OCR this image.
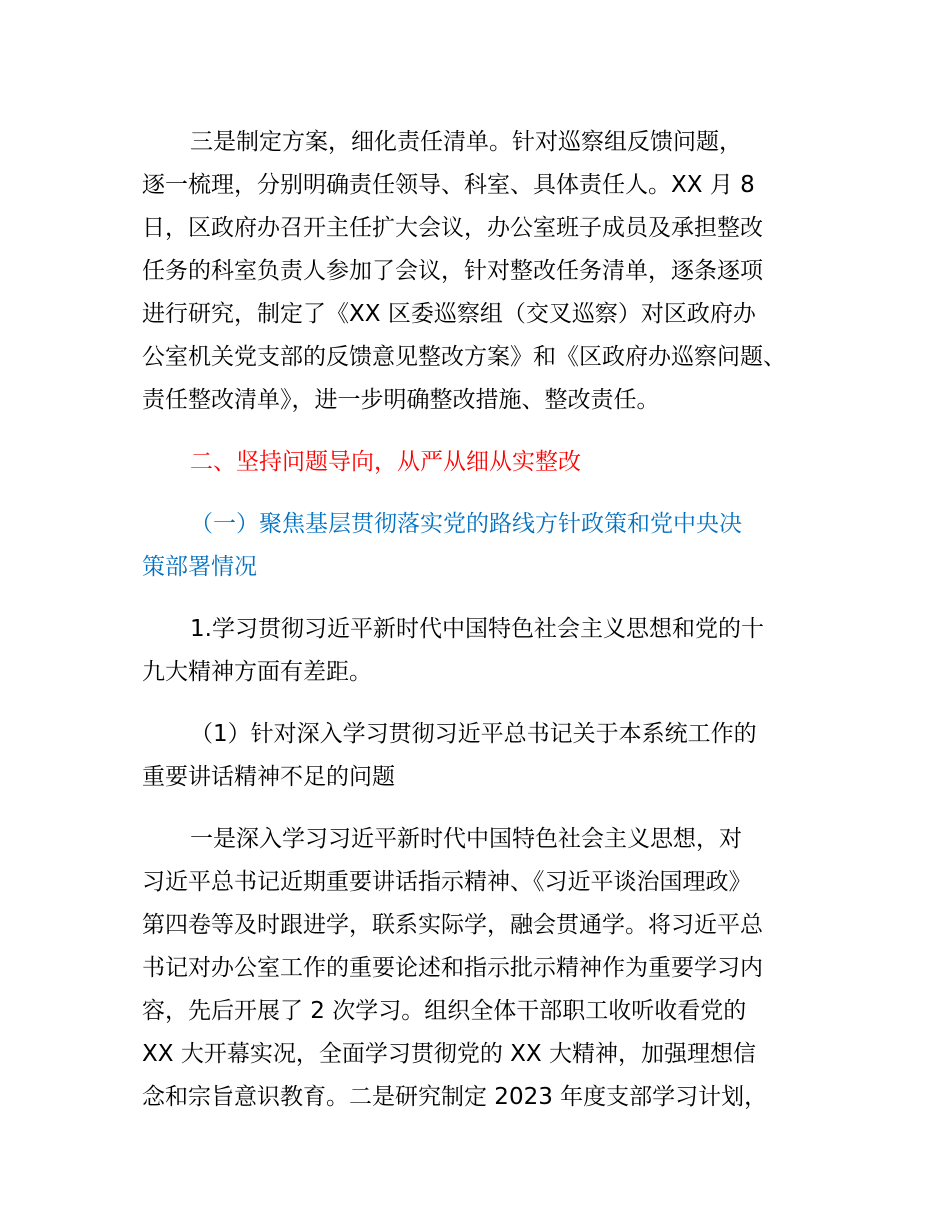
三是制定方案，细化责任清单。针对巡察组反馈问题，
逐一梳理，分别明确责任领导、科室、具体责任人。XX 月 8
日，区政府办召开主任扩大会议，办公室班子成员及承担整改
任务的科室负责人参加了会议，针对整改任务清单，逐条逐项
进行研究，制定了《XX 区委巡察组（交叉巡察）对区政府办
公室机关党支部的反馈意见整改方案》和《区政府办巡察问题、
责任整改清单》，进一步明确整改措施、整改责任。
二、坚持问题导向，从严从细从实整改
（一）聚焦基层贯彻落实党的路线方针政策和党中央决
策部署情况
1.学习贯彻习近平新时代中国特色社会主义思想和党的十
九大精神方面有差距。
（1）针对深入学习贯彻习近平总书记关于本系统工作的
重要讲话精神不足的问题
一是深入学习习近平新时代中国特色社会主义思想，对
习近平总书记近期重要讲话指示精神、《习近平谈治国理政》
第四卷等及时跟进学，联系实际学，融会贯通学。将习近平总
书记对办公室工作的重要论述和指示批示精神作为重要学习内
容，先后开展了 2 次学习。组织全体干部职工收听收看党的
XX 大开幕实况，全面学习贯彻党的 XX 大精神，加强理想信
念和宗旨意识教育。二是研究制定 2023 年度支部学习计划，
